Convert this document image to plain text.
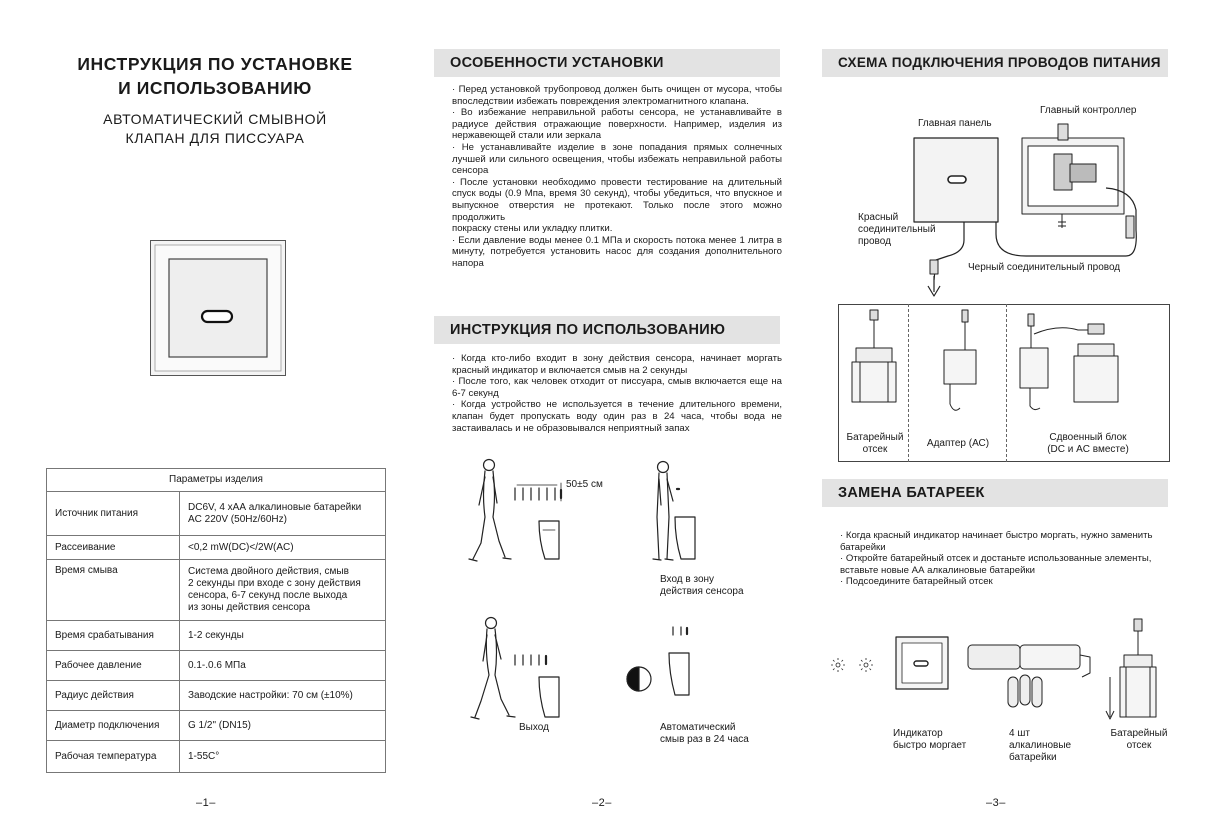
ИНСТРУКЦИЯ ПО УСТАНОВКЕ
И ИСПОЛЬЗОВАНИЮ
АВТОМАТИЧЕСКИЙ СМЫВНОЙ
КЛАПАН ДЛЯ ПИССУАРА
Параметры изделия	
Источник питания	DC6V, 4 хАА алкалиновые батарейки
AC 220V (50Hz/60Hz)
Рассеивание	<0,2 mW(DC)</2W(AC)
Время смыва	Система двойного действия, смыв
2 секунды при входе с зону действия
сенсора, 6-7 секунд после выхода
из зоны действия сенсора
Время срабатывания	1-2 секунды
Рабочее давление	0.1-.0.6 МПа
Радиус действия	Заводские настройки: 70 см (±10%)
Диаметр подключения	G 1/2" (DN15)
Рабочая температура	1-55С°
–1–
ОСОБЕННОСТИ УСТАНОВКИ

· Перед установкой трубопровод должен быть очищен от мусора, чтобы впоследствии избежать повреждения электромагнитного клапана.

· Во избежание неправильной работы сенсора, не устанавливайте в радиусе действия отражающие поверхности. Например, изделия из нержавеющей стали или зеркала

· Не устанавливайте изделие в зоне попадания прямых солнечных лучшей или сильного освещения, чтобы избежать неправильной работы сенсора

· После установки необходимо провести тестирование на длительный спуск воды (0.9 Мпа, время 30 секунд), чтобы убедиться, что впускное и выпускное отверстия не протекают. Только после этого можно продолжить

покраску стены или укладку плитки.

· Если давление воды менее 0.1 МПа и скорость потока менее 1 литра в минуту, потребуется установить насос для создания дополнительного напора

ИНСТРУКЦИЯ ПО ИСПОЛЬЗОВАНИЮ

· Когда кто-либо входит в зону действия сенсора, начинает моргать красный индикатор и включается смыв на 2 секунды

· После того, как человек отходит от писсуара, смыв включается еще на 6-7 секунд

· Когда устройство не используется в течение длительного времени, клапан будет пропускать воду один раз в 24 часа, чтобы вода не застаивалась и не образовывался неприятный запах

50±5 см
Вход в зону
действия сенсора
Выход	Автоматический
смыв раз в 24 часа
–2–
СХЕМА ПОДКЛЮЧЕНИЯ ПРОВОДОВ ПИТАНИЯ
Главный контроллер
Главная панель
Красный
соединительный
провод
Черный соединительный провод
Батарейный
отсек
Адаптер (АС)
Сдвоенный блок
(DC и AC вместе)
ЗАМЕНА БАТАРЕЕК

· Когда красный индикатор начинает быстро моргать, нужно заменить батарейки

· Откройте батарейный отсек и достаньте использованные элементы, вставьте новые АА алкалиновые батарейки

· Подсоедините батарейный отсек

Индикатор
быстро моргает
4 шт
алкалиновые
батарейки
Батарейный
отсек
–3–
